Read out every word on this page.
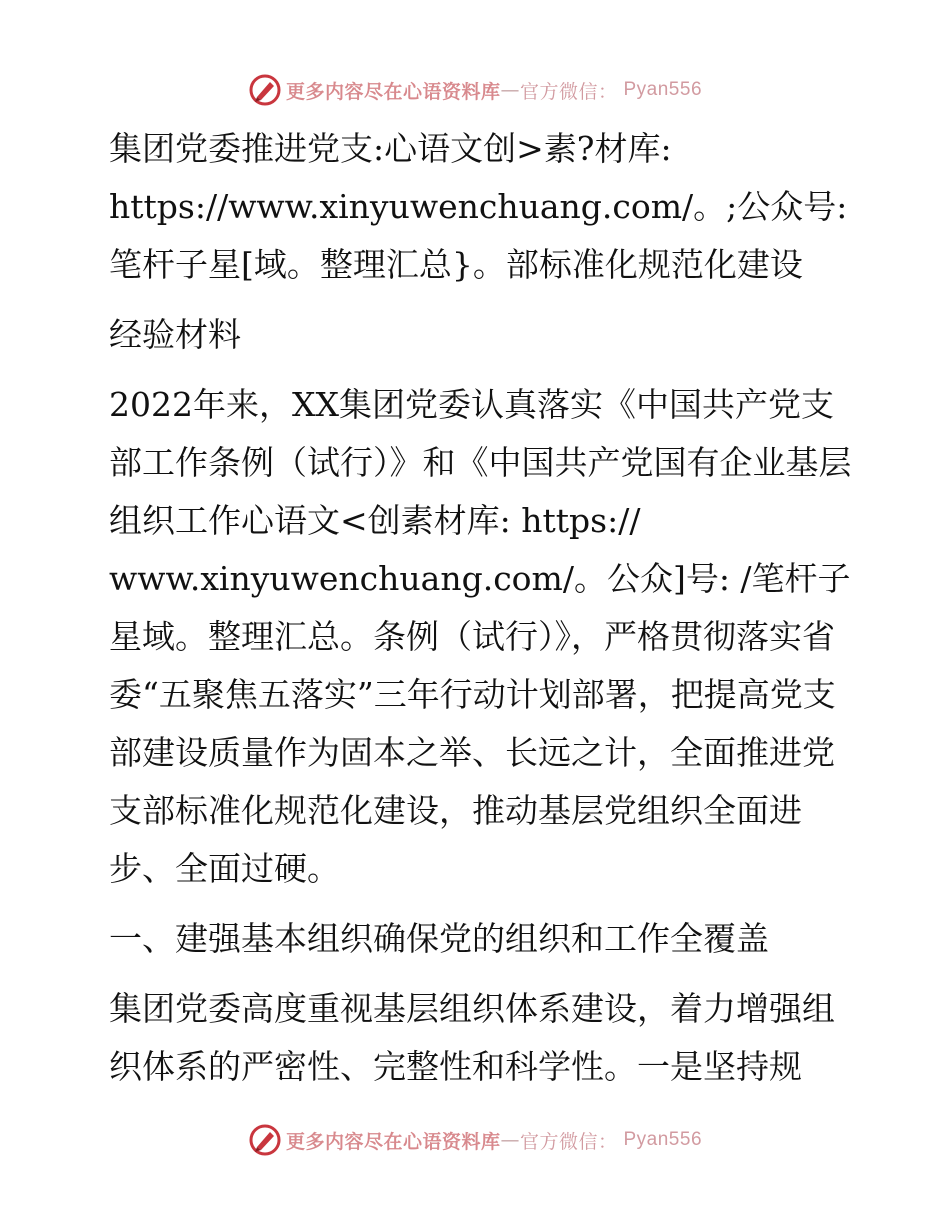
更多内容尽在心语资料库 — 官方微信： Pyan556

集团党委推进党支:心语文创>素?材库:
https://www.xinyuwenchuang.com/。;公众号: 笔杆子星[域。整理汇总}。部标准化规范化建设

经验材料

2022年来，XX集团党委认真落实《中国共产党支部工作条例（试行）》和《中国共产党国有企业基层组织工作心语文<创素材库: https://
www.xinyuwenchuang.com/。公众]号: /笔杆子星域。整理汇总。条例（试行）》，严格贯彻落实省委“五聚焦五落实”三年行动计划部署，把提高党支部建设质量作为固本之举、长远之计，全面推进党支部标准化规范化建设，推动基层党组织全面进步、全面过硬。

一、建强基本组织确保党的组织和工作全覆盖

集团党委高度重视基层组织体系建设，着力增强组织体系的严密性、完整性和科学性。一是坚持规

更多内容尽在心语资料库 — 官方微信： Pyan556
